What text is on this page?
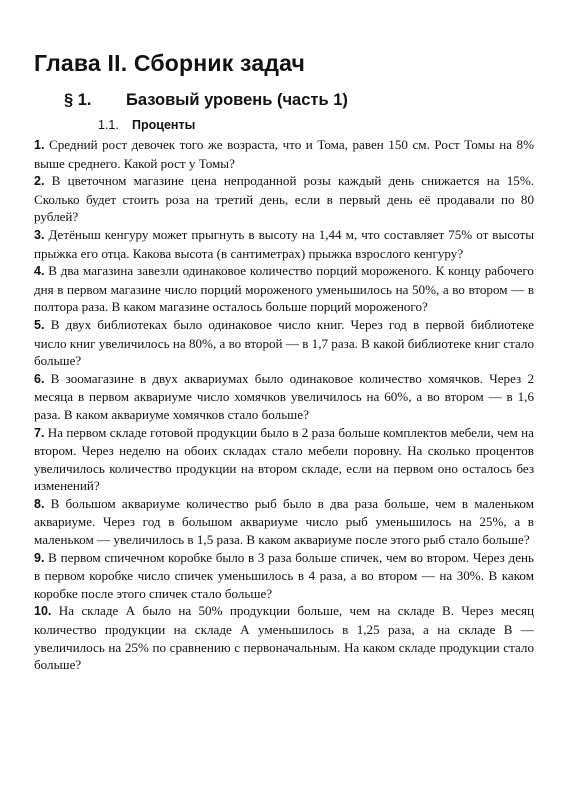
Глава II. Сборник задач
§ 1. Базовый уровень (часть 1)
1.1. Проценты

1. Средний рост девочек того же возраста, что и Тома, равен 150 см. Рост Томы на 8% выше среднего. Какой рост у Томы?

2. В цветочном магазине цена непроданной розы каждый день снижается на 15%. Сколько будет стоить роза на третий день, если в первый день её продавали по 80 рублей?

3. Детёныш кенгуру может прыгнуть в высоту на 1,44 м, что составляет 75% от высоты прыжка его отца. Какова высота (в сантиметрах) прыжка взрослого кенгуру?

4. В два магазина завезли одинаковое количество порций мороженого. К концу рабочего дня в первом магазине число порций мороженого уменьшилось на 50%, а во втором — в полтора раза. В каком магазине осталось больше порций мороженого?

5. В двух библиотеках было одинаковое число книг. Через год в первой библиотеке число книг увеличилось на 80%, а во второй — в 1,7 раза. В какой библиотеке книг стало больше?

6. В зоомагазине в двух аквариумах было одинаковое количество хомячков. Через 2 месяца в первом аквариуме число хомячков увеличилось на 60%, а во втором — в 1,6 раза. В каком аквариуме хомячков стало больше?

7. На первом складе готовой продукции было в 2 раза больше комплектов мебели, чем на втором. Через неделю на обоих складах стало мебели поровну. На сколько процентов увеличилось количество продукции на втором складе, если на первом оно осталось без изменений?

8. В большом аквариуме количество рыб было в два раза больше, чем в маленьком аквариуме. Через год в большом аквариуме число рыб уменьшилось на 25%, а в маленьком — увеличилось в 1,5 раза. В каком аквариуме после этого рыб стало больше?

9. В первом спичечном коробке было в 3 раза больше спичек, чем во втором. Через день в первом коробке число спичек уменьшилось в 4 раза, а во втором — на 30%. В каком коробке после этого спичек стало больше?

10. На складе А было на 50% продукции больше, чем на складе В. Через месяц количество продукции на складе А уменьшилось в 1,25 раза, а на складе В — увеличилось на 25% по сравнению с первоначальным. На каком складе продукции стало больше?
